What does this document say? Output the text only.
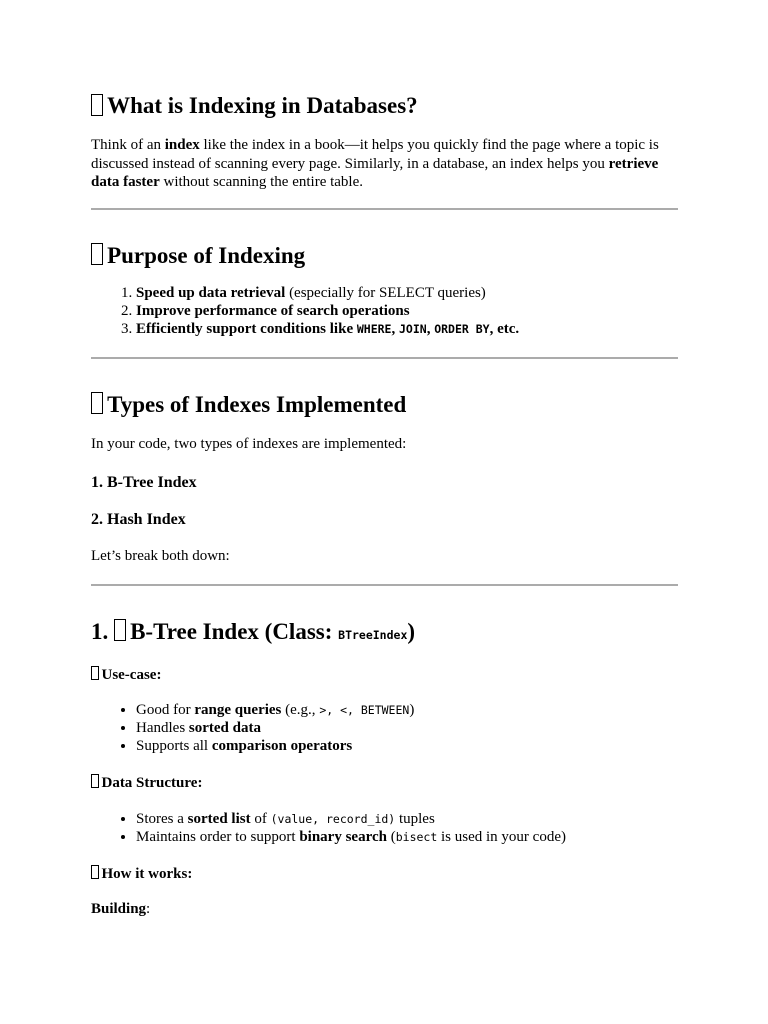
What is Indexing in Databases?

Think of an index like the index in a book—it helps you quickly find the page where a topic is discussed instead of scanning every page. Similarly, in a database, an index helps you retrieve data faster without scanning the entire table.

Purpose of Indexing
1. Speed up data retrieval (especially for SELECT queries)
2. Improve performance of search operations
3. Efficiently support conditions like WHERE, JOIN, ORDER BY, etc.
Types of Indexes Implemented

In your code, two types of indexes are implemented:

1. B-Tree Index
2. Hash Index

Let’s break both down:

1. B-Tree Index (Class: BTreeIndex)
Use-case:
• Good for range queries (e.g., >, <, BETWEEN)
• Handles sorted data
• Supports all comparison operators
Data Structure:
• Stores a sorted list of (value, record_id) tuples
• Maintains order to support binary search (bisect is used in your code)
How it works:

Building:
